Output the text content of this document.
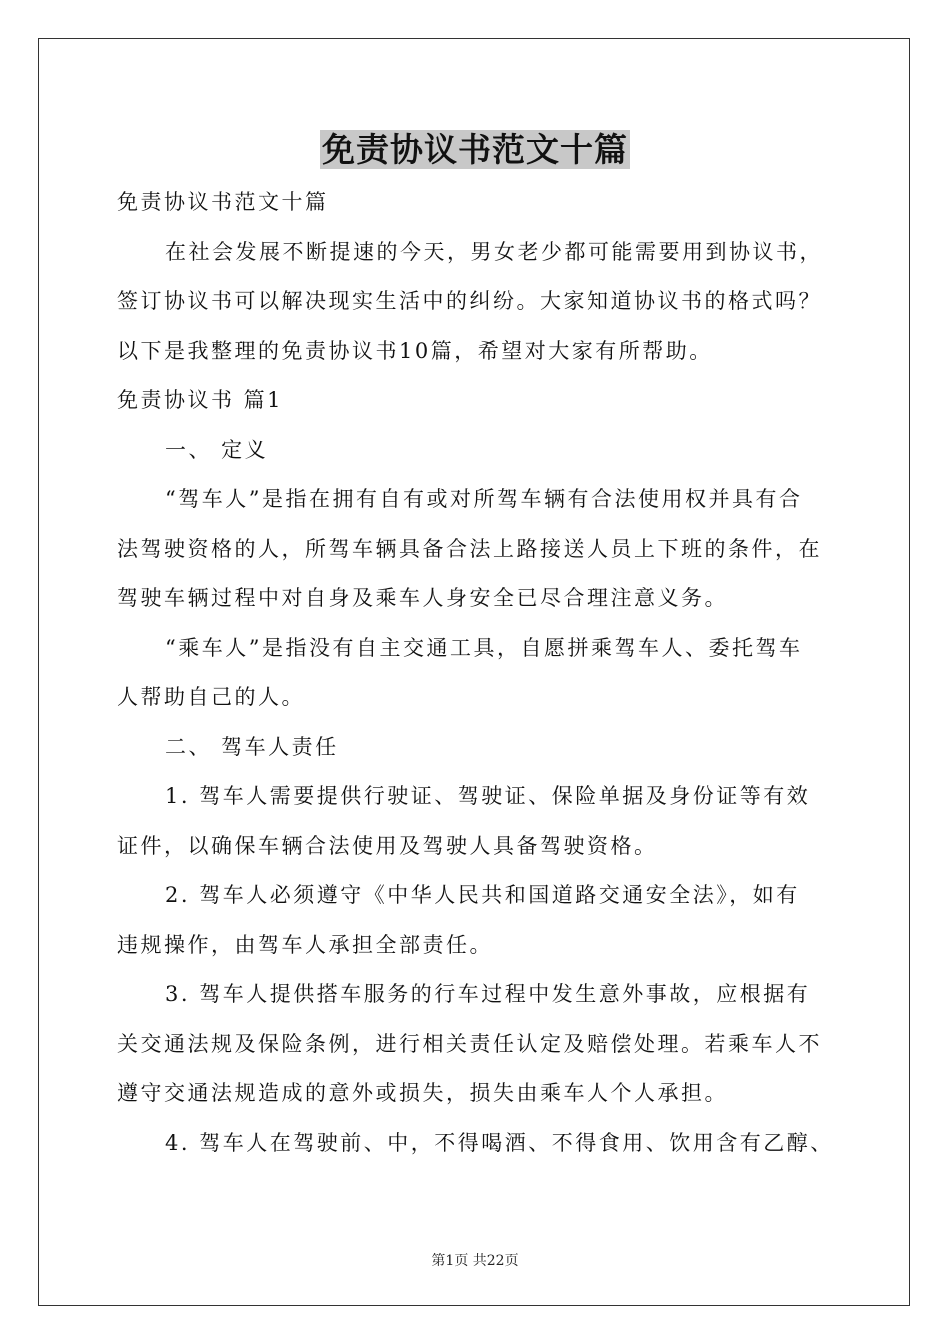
免责协议书范文十篇
免责协议书范文十篇
在社会发展不断提速的今天，男女老少都可能需要用到协议书，
签订协议书可以解决现实生活中的纠纷。大家知道协议书的格式吗？
以下是我整理的免责协议书10篇，希望对大家有所帮助。
免责协议书 篇1
一、 定义
“驾车人”是指在拥有自有或对所驾车辆有合法使用权并具有合
法驾驶资格的人，所驾车辆具备合法上路接送人员上下班的条件，在
驾驶车辆过程中对自身及乘车人身安全已尽合理注意义务。
“乘车人”是指没有自主交通工具，自愿拼乘驾车人、委托驾车
人帮助自己的人。
二、 驾车人责任
1. 驾车人需要提供行驶证、驾驶证、保险单据及身份证等有效
证件，以确保车辆合法使用及驾驶人具备驾驶资格。
2. 驾车人必须遵守《中华人民共和国道路交通安全法》，如有
违规操作，由驾车人承担全部责任。
3. 驾车人提供搭车服务的行车过程中发生意外事故，应根据有
关交通法规及保险条例，进行相关责任认定及赔偿处理。若乘车人不
遵守交通法规造成的意外或损失，损失由乘车人个人承担。
4. 驾车人在驾驶前、中，不得喝酒、不得食用、饮用含有乙醇、
第1页 共22页
